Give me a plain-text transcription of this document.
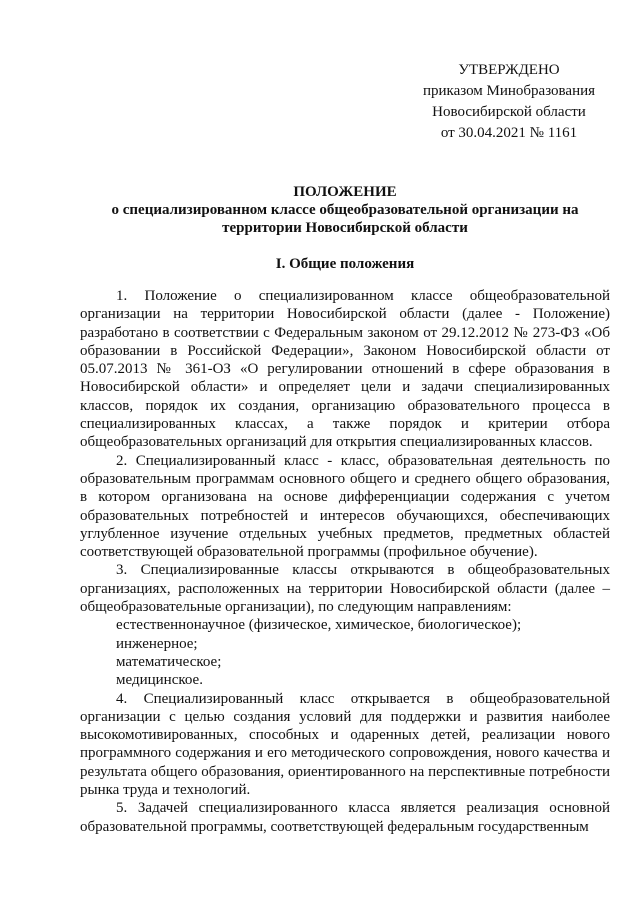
УТВЕРЖДЕНО
приказом Минобразования
Новосибирской области
от 30.04.2021 № 1161
ПОЛОЖЕНИЕ
о специализированном классе общеобразовательной организации на
территории Новосибирской области
I. Общие положения

1. Положение о специализированном классе общеобразовательной организации на территории Новосибирской области (далее - Положение) разработано в соответствии с Федеральным законом от 29.12.2012 № 273-ФЗ «Об образовании в Российской Федерации», Законом Новосибирской области от 05.07.2013 № 361-ОЗ «О регулировании отношений в сфере образования в Новосибирской области» и определяет цели и задачи специализированных классов, порядок их создания, организацию образовательного процесса в специализированных классах, а также порядок и критерии отбора общеобразовательных организаций для открытия специализированных классов.

2. Специализированный класс - класс, образовательная деятельность по образовательным программам основного общего и среднего общего образования, в котором организована на основе дифференциации содержания с учетом образовательных потребностей и интересов обучающихся, обеспечивающих углубленное изучение отдельных учебных предметов, предметных областей соответствующей образовательной программы (профильное обучение).

3. Специализированные классы открываются в общеобразовательных организациях, расположенных на территории Новосибирской области (далее – общеобразовательные организации), по следующим направлениям:

естественнонаучное (физическое, химическое, биологическое);

инженерное;

математическое;

медицинское.

4. Специализированный класс открывается в общеобразовательной организации с целью создания условий для поддержки и развития наиболее высокомотивированных, способных и одаренных детей, реализации нового программного содержания и его методического сопровождения, нового качества и результата общего образования, ориентированного на перспективные потребности рынка труда и технологий.

5. Задачей специализированного класса является реализация основной образовательной программы, соответствующей федеральным государственным
